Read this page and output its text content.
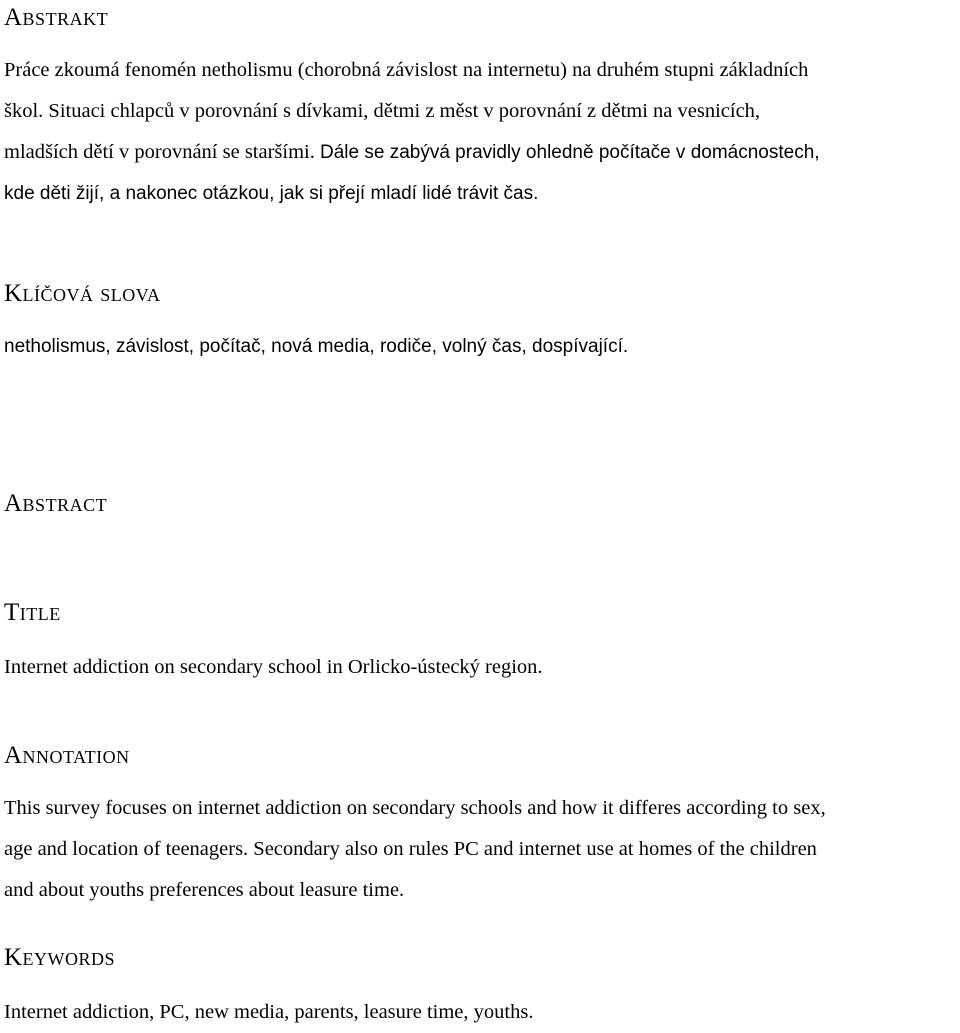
Abstrakt
Práce zkoumá fenomén netholismu (chorobná závislost na internetu) na druhém stupni základních
škol. Situaci chlapců v porovnání s dívkami, dětmi z měst v porovnání z dětmi na vesnicích,
mladších dětí v porovnání se staršími. Dále se zabývá pravidly ohledně počítače v domácnostech,
kde děti žijí, a nakonec otázkou, jak si přejí mladí lidé trávit čas.
Klíčová slova
netholismus, závislost, počítač, nová media, rodiče, volný čas, dospívající.
Abstract
Title
Internet addiction on secondary school in Orlicko-ústecký region.
Annotation
This survey focuses on internet addiction on secondary schools and how it differes according to sex,
age and location of teenagers. Secondary also on rules PC and internet use at homes of the children
and about youths preferences about leasure time.
Keywords
Internet addiction, PC, new media, parents, leasure time, youths.
